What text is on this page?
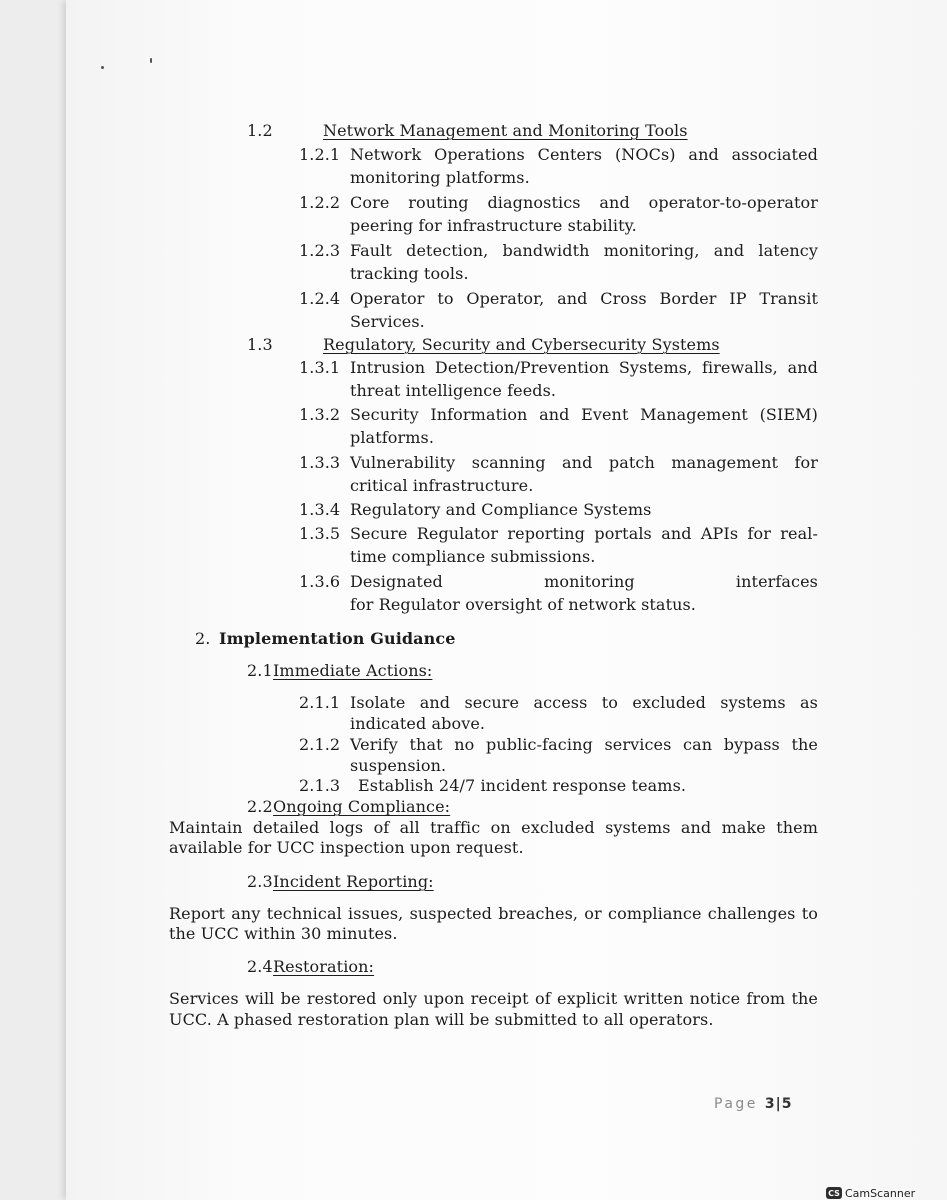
1.2	Network Management and Monitoring Tools
1.2.1 Network Operations Centers (NOCs) and associated
monitoring platforms.
1.2.2 Core routing diagnostics and operator-to-operator
peering for infrastructure stability.
1.2.3 Fault detection, bandwidth monitoring, and latency
tracking tools.
1.2.4 Operator to Operator, and Cross Border IP Transit
Services.
1.3	Regulatory, Security and Cybersecurity Systems
1.3.1 Intrusion Detection/Prevention Systems, firewalls, and
threat intelligence feeds.
1.3.2 Security Information and Event Management (SIEM)
platforms.
1.3.3 Vulnerability scanning and patch management for
critical infrastructure.
1.3.4 Regulatory and Compliance Systems
1.3.5 Secure Regulator reporting portals and APIs for real-
time compliance submissions.
1.3.6 Designated monitoring interfaces
for Regulator oversight of network status.
2. Implementation Guidance
2.1 Immediate Actions:
2.1.1 Isolate and secure access to excluded systems as
indicated above.
2.1.2 Verify that no public-facing services can bypass the
suspension.
2.1.3 Establish 24/7 incident response teams.
2.2 Ongoing Compliance:
Maintain detailed logs of all traffic on excluded systems and make them
available for UCC inspection upon request.
2.3 Incident Reporting:
Report any technical issues, suspected breaches, or compliance challenges to
the UCC within 30 minutes.
2.4 Restoration:
Services will be restored only upon receipt of explicit written notice from the
UCC. A phased restoration plan will be submitted to all operators.
Page 3|5
CS CamScanner
